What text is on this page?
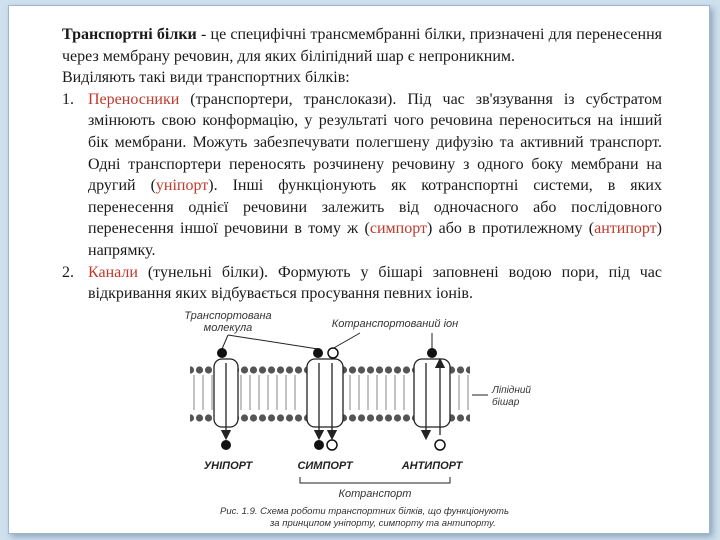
Транспортні білки - це специфічні трансмембранні білки, призначені для перенесення через мембрану речовин, для яких біліпідний шар є непроникним.

Виділяють такі види транспортних білків:

1. Переносники (транспортери, транслокази). Під час зв'язування із субстратом змінюють свою конформацію, у результаті чого речовина переноситься на інший бік мембрани. Можуть забезпечувати полегшену дифузію та активний транспорт. Одні транспортери переносять розчинену речовину з одного боку мембрани на другий (уніпорт). Інші функціонують як котранспортні системи, в яких перенесення однієї речовини залежить від одночасного або послідовного перенесення іншої речовини в тому ж (симпорт) або в протилежному (антипорт) напрямку.
2. Канали (тунельні білки). Формують у бішарі заповнені водою пори, під час відкривання яких відбувається просування певних іонів.
Транспортована
молекула	Котранспортований іон
Ліпідний
бішар
УНІПОРТ	СИМПОРТ	АНТИПОРТ
Котранспорт
Рис. 1.9. Схема роботи транспортних білків, що функціонують
за принципом уніпорту, симпорту та антипорту.
